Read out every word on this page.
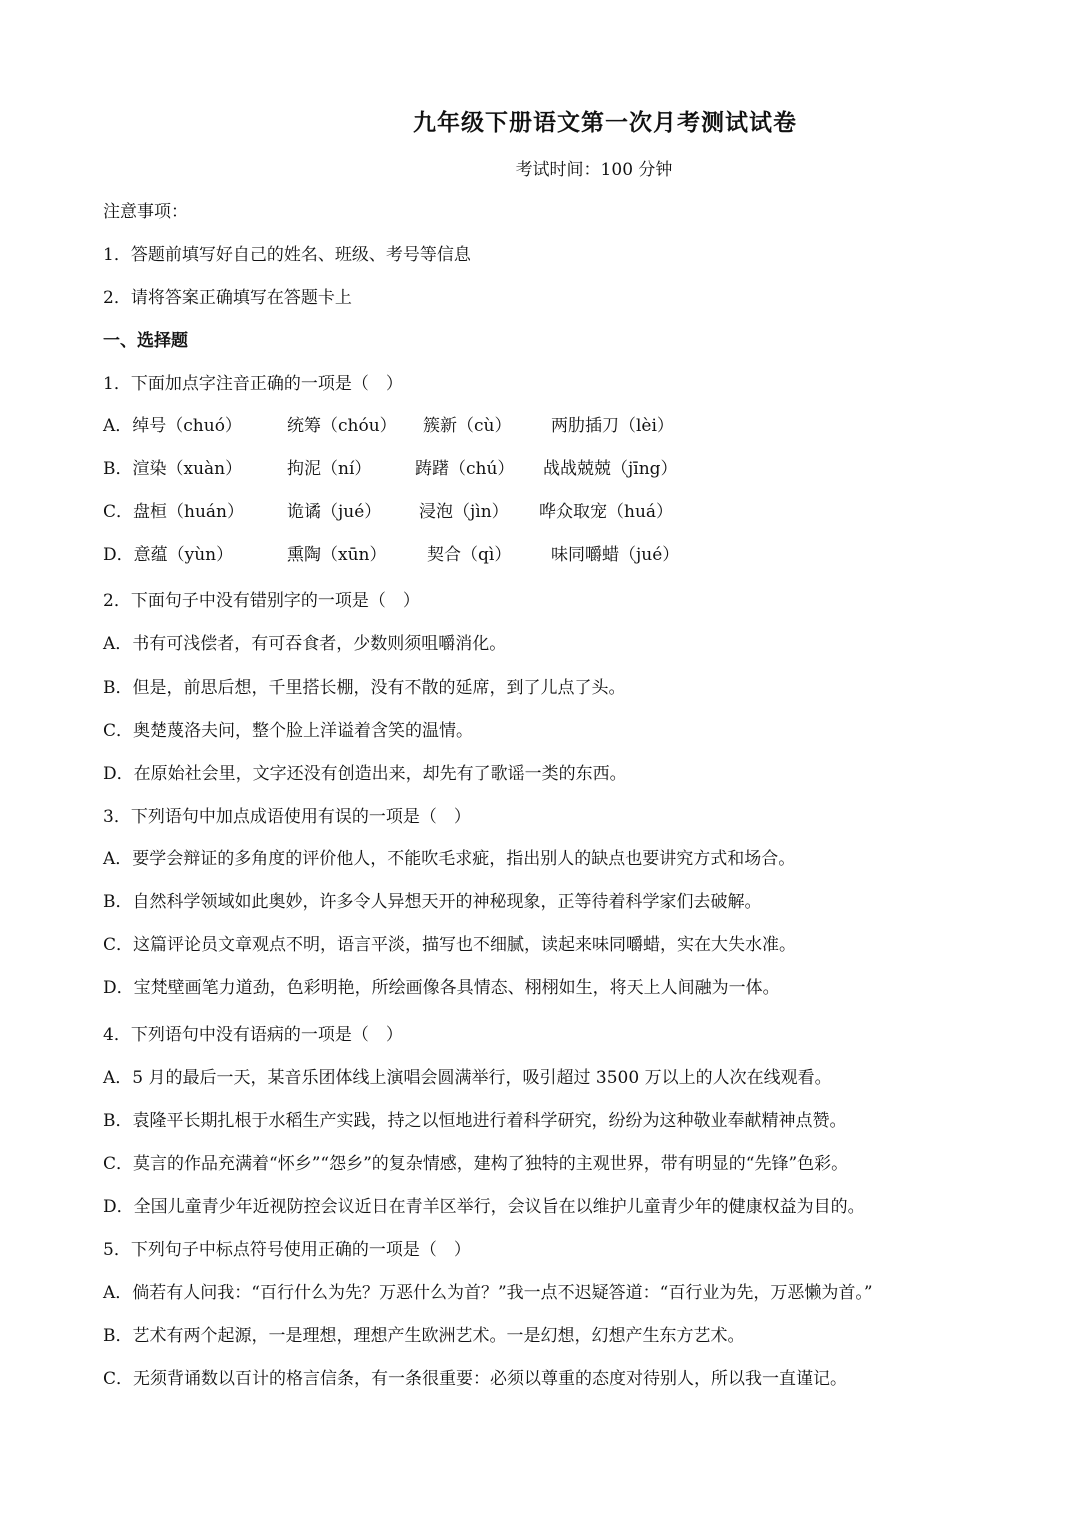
九年级下册语文第一次月考测试试卷
考试时间：100 分钟
注意事项：
1．答题前填写好自己的姓名、班级、考号等信息
2．请将答案正确填写在答题卡上
一、选择题
1．下面加点字注音正确的一项是（　）
A．绰号（chuó）	统筹（chóu） 簇新（cù） 两肋插刀（lèi）
B．渲染（xuàn）	拘泥（ní）	踌躇（chú） 战战兢兢（jīng）
C．盘桓（huán）	诡谲（jué） 浸泡（jìn） 哗众取宠（huá）
D．意蕴（yùn）	熏陶（xūn） 契合（qì） 味同嚼蜡（jué）
2．下面句子中没有错别字的一项是（　）
A．书有可浅偿者，有可吞食者，少数则须咀嚼消化。
B．但是，前思后想，千里搭长棚，没有不散的延席，到了儿点了头。
C．奥楚蔑洛夫问，整个脸上洋谥着含笑的温情。
D．在原始社会里，文字还没有创造出来，却先有了歌谣一类的东西。
3．下列语句中加点成语使用有误的一项是（　）
A．要学会辩证的多角度的评价他人，不能吹毛求疵，指出别人的缺点也要讲究方式和场合。
B．自然科学领域如此奥妙，许多令人异想天开的神秘现象，正等待着科学家们去破解。
C．这篇评论员文章观点不明，语言平淡，描写也不细腻，读起来味同嚼蜡，实在大失水准。
D．宝梵壁画笔力道劲，色彩明艳，所绘画像各具情态、栩栩如生，将天上人间融为一体。
4．下列语句中没有语病的一项是（　）
A．5 月的最后一天，某音乐团体线上演唱会圆满举行，吸引超过 3500 万以上的人次在线观看。
B．袁隆平长期扎根于水稻生产实践，持之以恒地进行着科学研究，纷纷为这种敬业奉献精神点赞。
C．莫言的作品充满着“怀乡”“怨乡”的复杂情感，建构了独特的主观世界，带有明显的“先锋”色彩。
D．全国儿童青少年近视防控会议近日在青羊区举行，会议旨在以维护儿童青少年的健康权益为目的。
5．下列句子中标点符号使用正确的一项是（　）
A．倘若有人问我：“百行什么为先？万恶什么为首？”我一点不迟疑答道：“百行业为先，万恶懒为首。”
B．艺术有两个起源，一是理想，理想产生欧洲艺术。一是幻想，幻想产生东方艺术。
C．无须背诵数以百计的格言信条，有一条很重要：必须以尊重的态度对待别人，所以我一直谨记。
